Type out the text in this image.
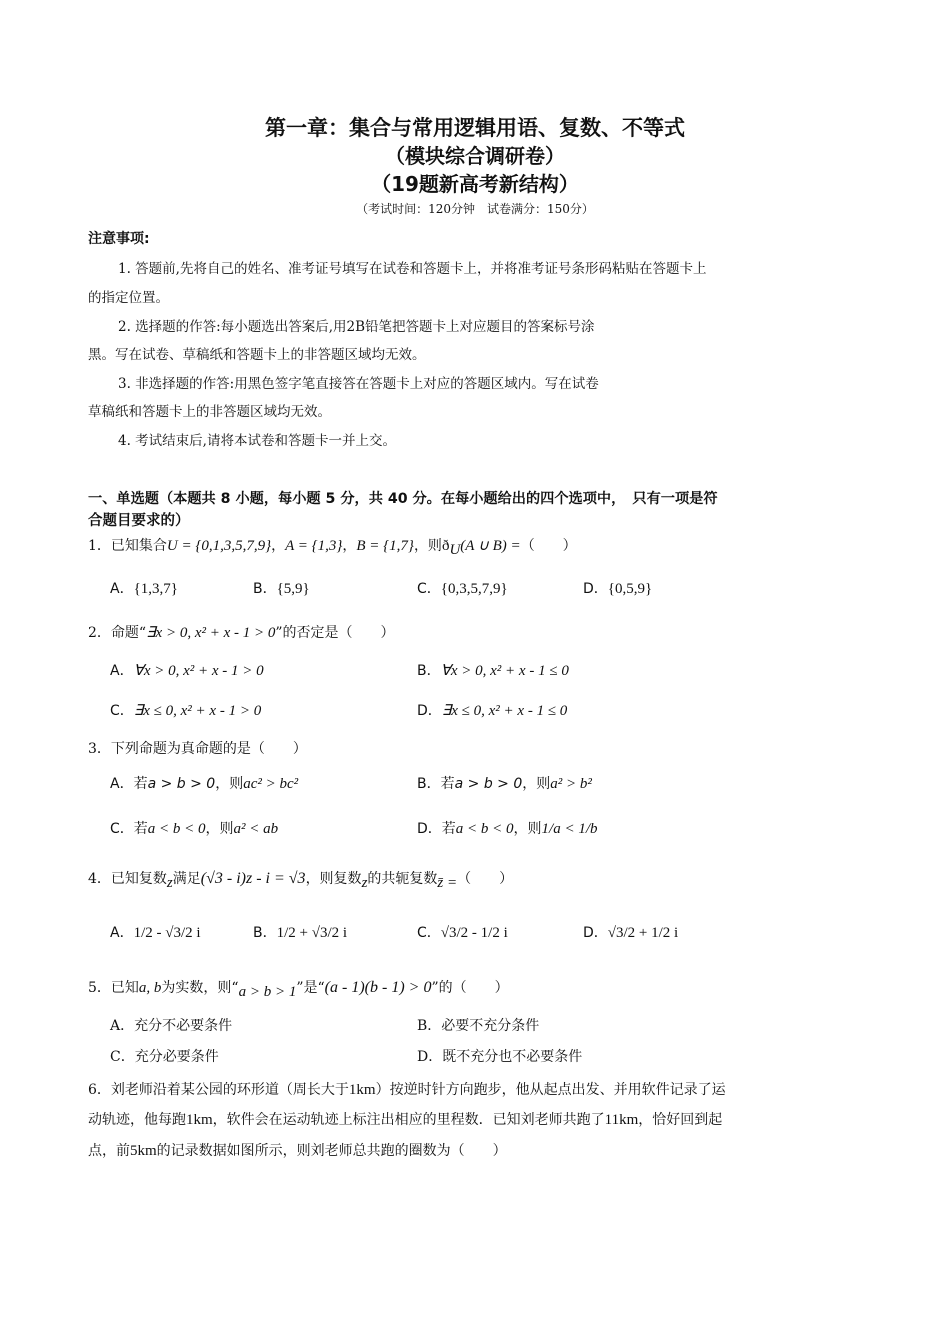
第一章：集合与常用逻辑用语、复数、不等式
（模块综合调研卷）
（19题新高考新结构）
（考试时间：120分钟　试卷满分：150分）
注意事项:
1. 答题前,先将自己的姓名、准考证号填写在试卷和答题卡上，并将准考证号条形码粘贴在答题卡上
的指定位置。
2. 选择题的作答:每小题选出答案后,用2B铅笔把答题卡上对应题目的答案标号涂
黑。写在试卷、草稿纸和答题卡上的非答题区域均无效。
3. 非选择题的作答:用黑色签字笔直接答在答题卡上对应的答题区域内。写在试卷
草稿纸和答题卡上的非答题区域均无效。
4. 考试结束后,请将本试卷和答题卡一并上交。
一、单选题（本题共 8 小题，每小题 5 分，共 40 分。在每小题给出的四个选项中，　只有一项是符
合题目要求的）
1．已知集合U = {0,1,3,5,7,9}，A = {1,3}，B = {1,7}，则$ð_U(A$ ∪ B) =（　　）
A．{1,3,7}	B．{5,9}	C．{0,3,5,7,9}	D．{0,5,9}
2．命题“∃x > 0, x² + x - 1 > 0”的否定是（　　）
A．∀x > 0, x² + x - 1 > 0	B．∀x > 0, x² + x - 1 ≤ 0
C．∃x ≤ 0, x² + x - 1 > 0	D．∃x ≤ 0, x² + x - 1 ≤ 0
3．下列命题为真命题的是（　　）
A．若a > b > 0，则ac² > bc²	B．若a > b > 0，则a² > b²
C．若a < b < 0，则a² < ab	D．若a < b < 0，则1/a < 1/b
4．已知复数$_z$满足(√3 - i)z - i = √3，则复数$_z$的共轭复数$_{z̄ =}$（　　）
A．1/2 - √3/2 i	B．1/2 + √3/2 i	C．√3/2 - 1/2 i	D．√3/2 + 1/2 i
5．已知a, b为实数，则“$_{a > b > 1}$”是“(a - 1)(b - 1) > 0”的（　　）
A．充分不必要条件	B．必要不充分条件
C．充分必要条件	D．既不充分也不必要条件
6．刘老师沿着某公园的环形道（周长大于1km）按逆时针方向跑步，他从起点出发、并用软件记录了运
动轨迹，他每跑1km，软件会在运动轨迹上标注出相应的里程数．已知刘老师共跑了11km，恰好回到起
点，前5km的记录数据如图所示，则刘老师总共跑的圈数为（　　）
